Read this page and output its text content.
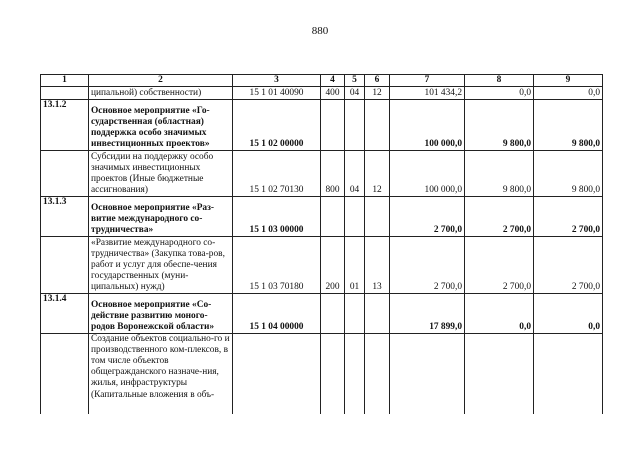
880
1	2	3	4	5	6	7	8	9
	ципальной) собственности)	15 1 01 40090	400	04	12	101 434,2	0,0	0,0
13.1.2	Основное мероприятие «Го-сударственная (областная) поддержка особо значимых инвестиционных проектов»	15 1 02 00000				100 000,0	9 800,0	9 800,0
	Субсидии на поддержку особо значимых инвестиционных проектов (Иные бюджетные ассигнования)	15 1 02 70130	800	04	12	100 000,0	9 800,0	9 800,0
13.1.3	Основное мероприятие «Раз-витие международного со-трудничества»	15 1 03 00000				2 700,0	2 700,0	2 700,0
	«Развитие международного со-трудничества» (Закупка това-ров, работ и услуг для обеспе-чения государственных (муни-ципальных) нужд)	15 1 03 70180	200	01	13	2 700,0	2 700,0	2 700,0
13.1.4	Основное мероприятие «Со-действие развитию моного-родов Воронежской области»	15 1 04 00000				17 899,0	0,0	0,0
	Создание объектов социально-го и производственного ком-плексов, в том числе объектов общегражданского назначе-ния, жилья, инфраструктуры (Капитальные вложения в объ-							
